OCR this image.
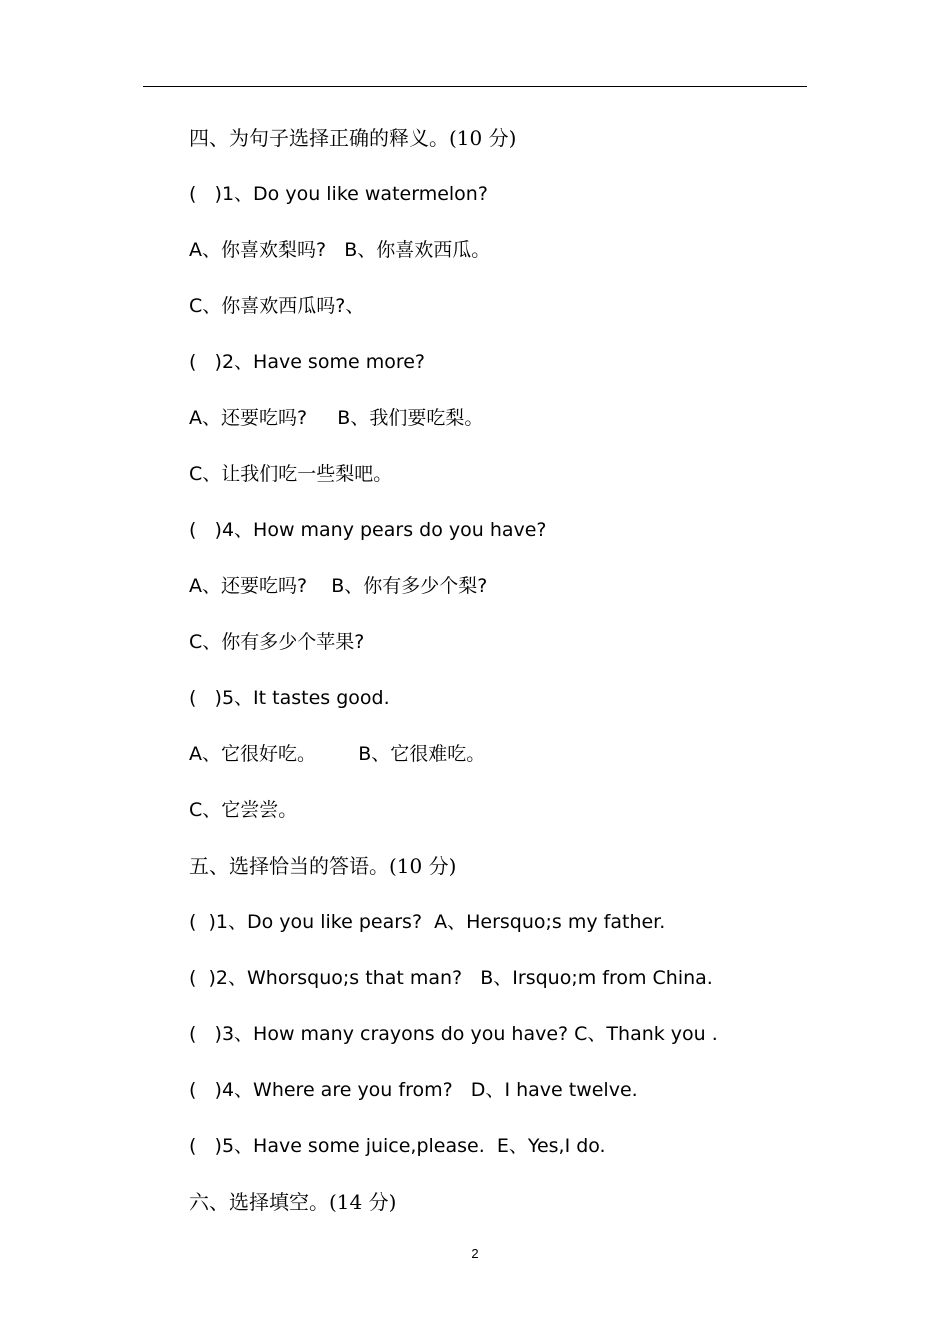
四、为句子选择正确的释义。(10 分)
(   )1、Do you like watermelon?
A、你喜欢梨吗?   B、你喜欢西瓜。
C、你喜欢西瓜吗?、
(   )2、Have some more?
A、还要吃吗?     B、我们要吃梨。
C、让我们吃一些梨吧。
(   )4、How many pears do you have?
A、还要吃吗?    B、你有多少个梨?
C、你有多少个苹果?
(   )5、It tastes good.
A、它很好吃。       B、它很难吃。
C、它尝尝。
五、选择恰当的答语。(10 分)
(  )1、Do you like pears?  A、Hersquo;s my father.
(  )2、Whorsquo;s that man?   B、Irsquo;m from China.
(   )3、How many crayons do you have? C、Thank you .
(   )4、Where are you from?   D、I have twelve.
(   )5、Have some juice,please.  E、Yes,I do.
六、选择填空。(14 分)
2
